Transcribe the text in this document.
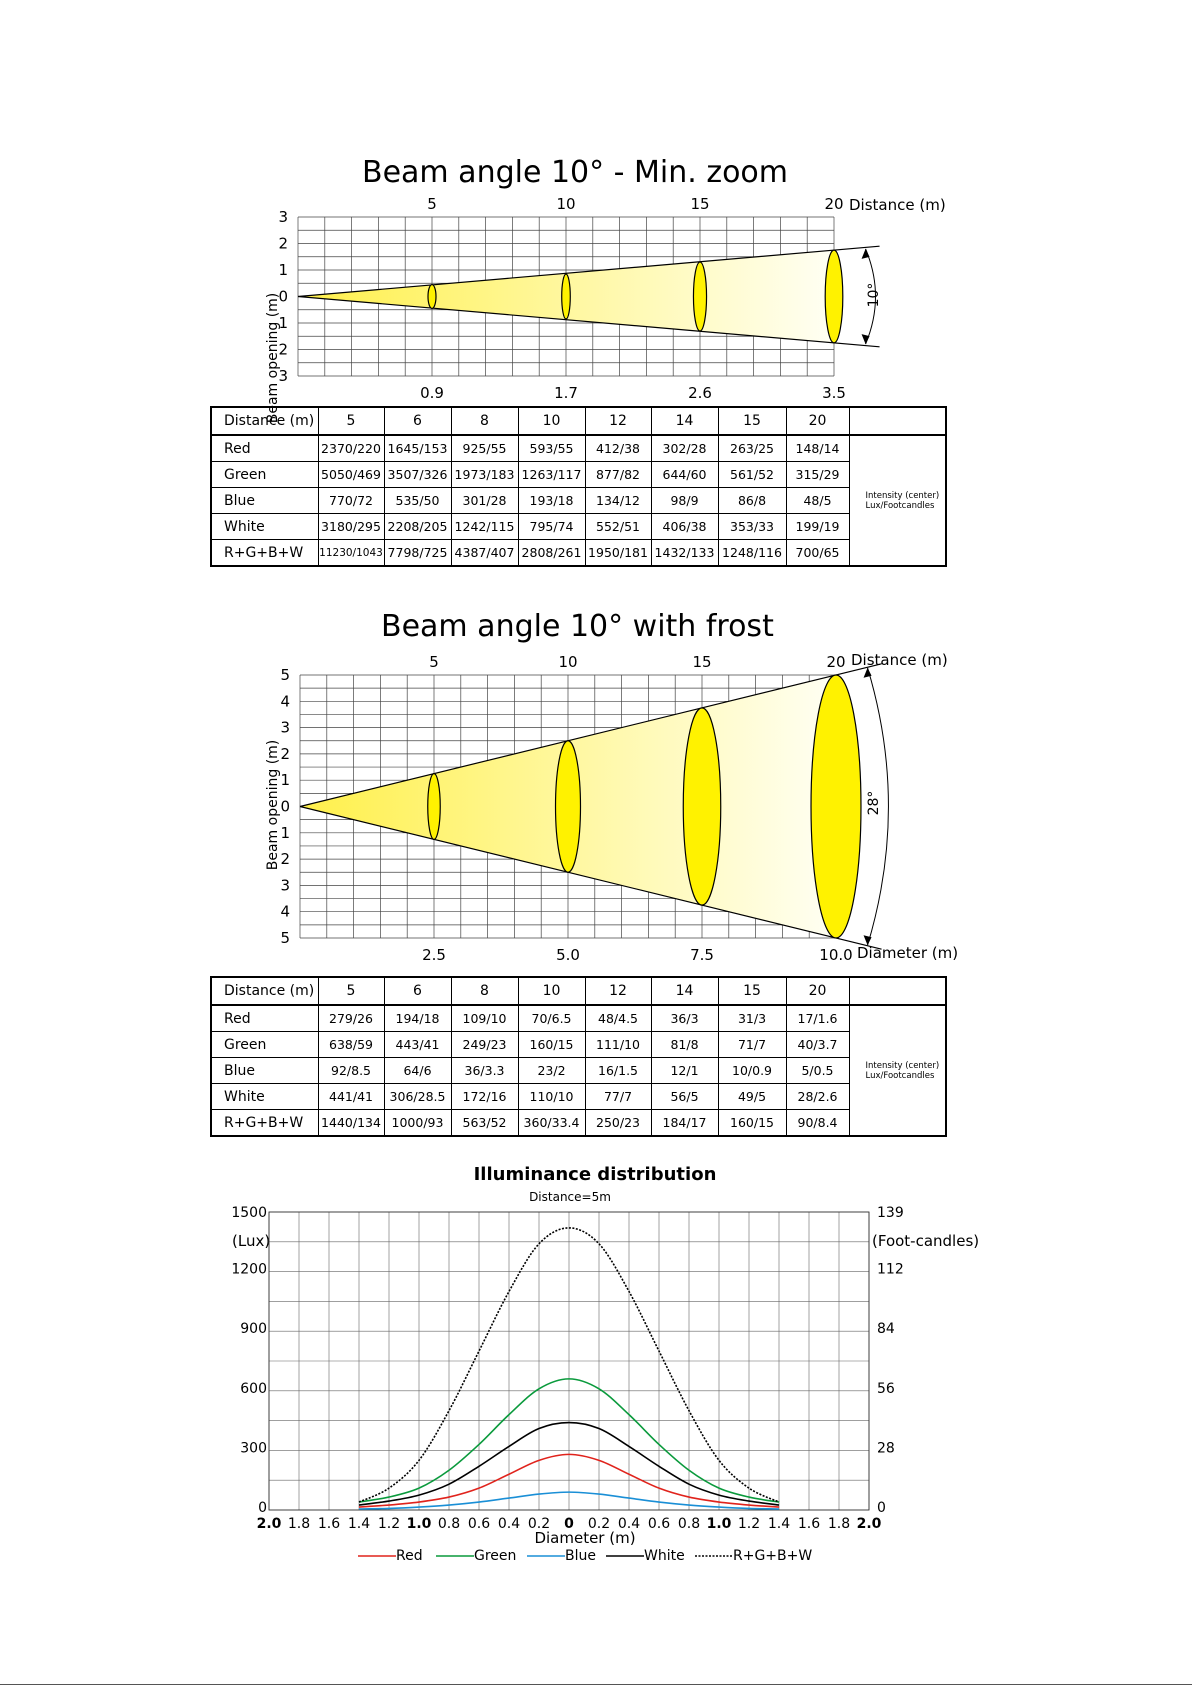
Beam angle 10° - Min. zoom
5
0.9
10
1.7
15
2.6
20
3.5
3
2
1
0
1
2
3
Distance (m)
Beam opening (m)	10°
Distance (m)	5	6	8	10	12	14	15	20	
Red	2370/220	1645/153	925/55	593/55	412/38	302/28	263/25	148/14	Intensity (center)
Lux/Footcandles

Green	5050/469	3507/326	1973/183	1263/117	877/82	644/60	561/52	315/29	
Blue	770/72	535/50	301/28	193/18	134/12	98/9	86/8	48/5	
White	3180/295	2208/205	1242/115	795/74	552/51	406/38	353/33	199/19	
R+G+B+W	11230/1043	7798/725	4387/407	2808/261	1950/181	1432/133	1248/116	700/65	
Beam angle 10° with frost
5
2.5
10
5.0
15
7.5
20
10.0
5
4
3
2
1
0
1
2
3
4
5
Distance (m)
Diameter (m)
Beam opening (m)	28°
Distance (m)	5	6	8	10	12	14	15	20	
Red	279/26	194/18	109/10	70/6.5	48/4.5	36/3	31/3	17/1.6	Intensity (center)
Lux/Footcandles

Green	638/59	443/41	249/23	160/15	111/10	81/8	71/7	40/3.7	
Blue	92/8.5	64/6	36/3.3	23/2	16/1.5	12/1	10/0.9	5/0.5	
White	441/41	306/28.5	172/16	110/10	77/7	56/5	49/5	28/2.6	
R+G+B+W	1440/134	1000/93	563/52	360/33.4	250/23	184/17	160/15	90/8.4	
Illuminance distribution
Distance=5m
(Lux)	(Foot-candles)
Diameter (m)
2.0 1.8 1.6 1.4 1.2 1.0 0.8 0.6 0.4 0.2 0 0.2 0.4 0.6 0.8 1.0 1.2 1.4 1.6 1.8 2.0
0
300
600
900
1200
1500
0
28
56
84
112
139
Red	Green	Blue	White	R+G+B+W
